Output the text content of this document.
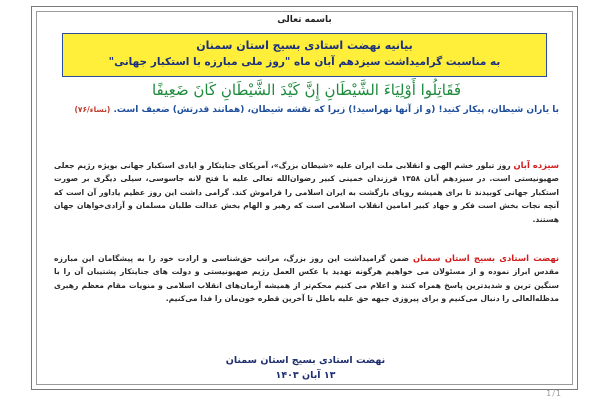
باسمه تعالی
بیانیه نهضت استادی بسیج استان سمنان
به مناسبت گرامیداشت سیزدهم آبان ماه "روز ملی مبارزه با استکبار جهانی"
فَقَاتِلُوا أَوْلِيَاءَ الشَّيْطَانِ إِنَّ كَيْدَ الشَّيْطَانِ كَانَ ضَعِيفًا
با یاران شیطان، پیکار کنید! (و از آنها نهراسید!) زیرا که نقشه شیطان، (همانند قدرتش) ضعیف است. (نساء/۷۶)
سیزده آبان روز تبلور خشم الهی و انقلابی ملت ایران علیه «شیطان بزرگ»، آمریکای جنایتکار و ایادی استکبار جهانی بویژه رژیم جعلی صهیونیستی است. در سیزدهم آبان ۱۳۵۸ فرزندان خمینی کبیر رضوان‌الله تعالی علیه با فتح لانه جاسوسی، سیلی دیگری بر صورت استکبار جهانی کوبیدند تا برای همیشه رویای بازگشت به ایران اسلامی را فراموش کند. گرامی داشت این روز عظیم یاداور آن است که آنچه نجات بخش است فکر و جهاد کبیر امامین انقلاب اسلامی است که رهبر و الهام بخش عدالت طلبان مسلمان و آزادی‌خواهان جهان هستند.
نهضت استادی بسیج استان سمنان ضمن گرامیداشت این روز بزرگ، مراتب حق‌شناسی و ارادت خود را به پیشگامان این مبارزه مقدس ابراز نموده و از مسئولان می خواهیم هرگونه تهدید یا عکس العمل رژیم صهیونیستی و دولت های جنایتکار پشتیبان آن را با سنگین ترین و شدیدترین پاسخ همراه کنند و اعلام می کنیم محکم‌تر از همیشه آرمان‌های انقلاب اسلامی و منویات مقام معظم رهبری مدظله‌العالی را دنبال می‌کنیم و برای پیروزی جبهه حق علیه باطل تا آخرین قطره خون‌مان را فدا می‌کنیم.
نهضت استادی بسیج استان سمنان
۱۳ آبان ۱۴۰۳
1/1
